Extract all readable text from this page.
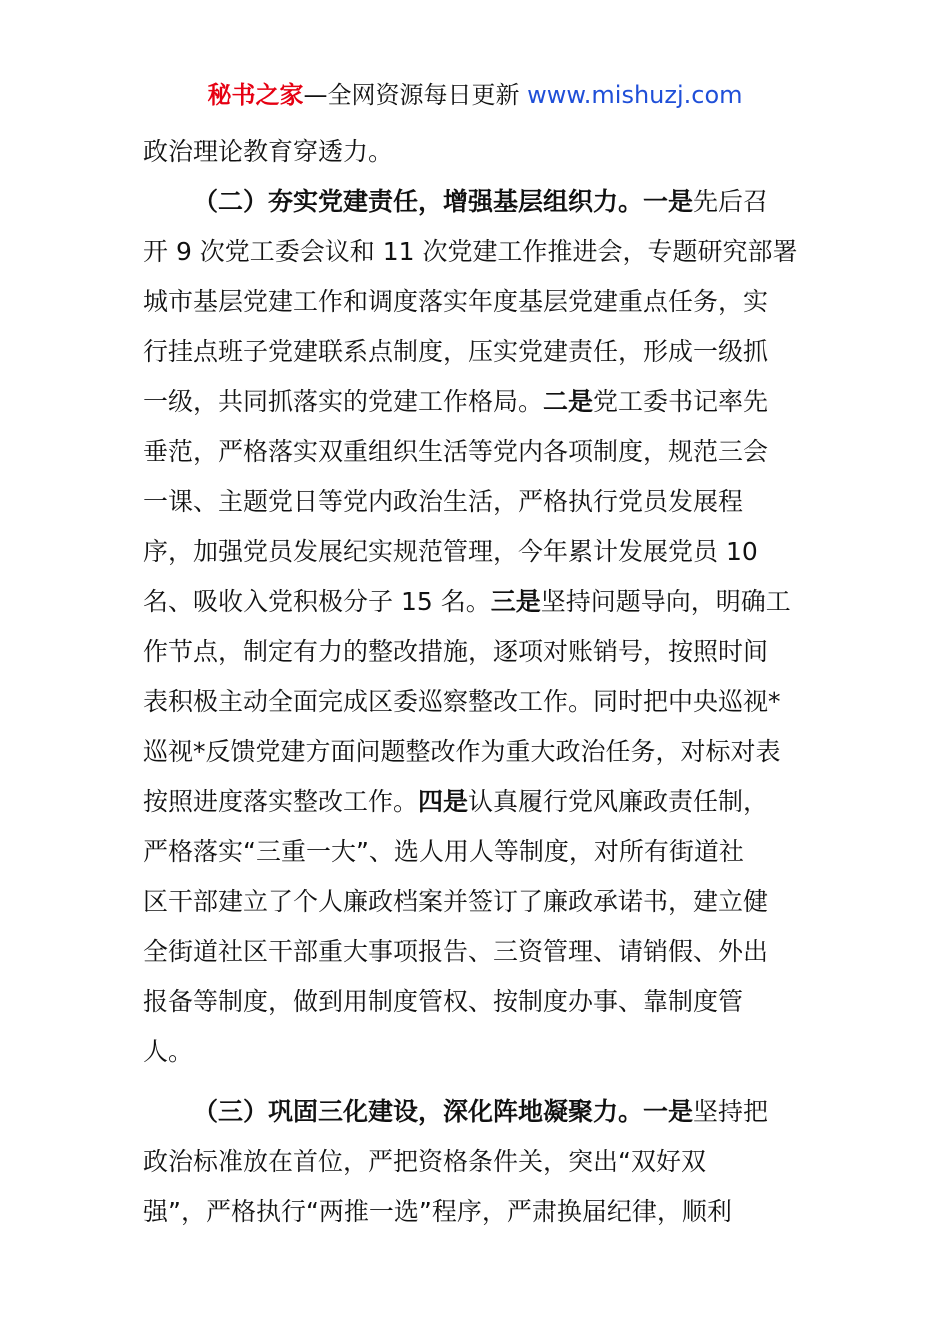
秘书之家—全网资源每日更新 www.mishuzj.com
政治理论教育穿透力。
（二）夯实党建责任，增强基层组织力。一是先后召
开 9 次党工委会议和 11 次党建工作推进会，专题研究部署
城市基层党建工作和调度落实年度基层党建重点任务，实
行挂点班子党建联系点制度，压实党建责任，形成一级抓
一级，共同抓落实的党建工作格局。二是党工委书记率先
垂范，严格落实双重组织生活等党内各项制度，规范三会
一课、主题党日等党内政治生活，严格执行党员发展程
序，加强党员发展纪实规范管理，今年累计发展党员 10
名、吸收入党积极分子 15 名。三是坚持问题导向，明确工
作节点，制定有力的整改措施，逐项对账销号，按照时间
表积极主动全面完成区委巡察整改工作。同时把中央巡视*
巡视*反馈党建方面问题整改作为重大政治任务，对标对表
按照进度落实整改工作。四是认真履行党风廉政责任制，
严格落实“三重一大”、选人用人等制度，对所有街道社
区干部建立了个人廉政档案并签订了廉政承诺书，建立健
全街道社区干部重大事项报告、三资管理、请销假、外出
报备等制度，做到用制度管权、按制度办事、靠制度管
人。
（三）巩固三化建设，深化阵地凝聚力。一是坚持把
政治标准放在首位，严把资格条件关，突出“双好双
强”，严格执行“两推一选”程序，严肃换届纪律，顺利
